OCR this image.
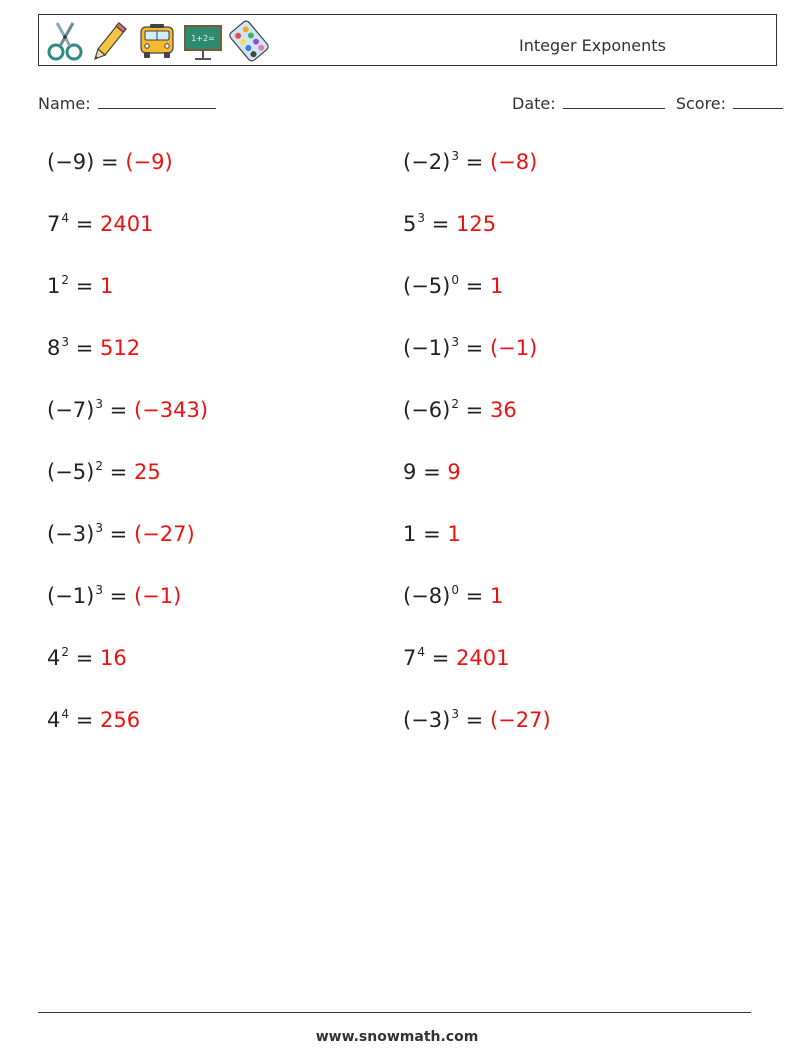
1+2=	Integer Exponents
Name:	Date:	Score:
(−9) = (−9)	$(-2)^3 = (-8)$
$7^4 = 2401$	$5^3 = 125$
$1^2 = 1$	$(-5)^0 = 1$
$8^3 = 512$	$(-1)^3 = (-1)$
$(-7)^3 = (-343)$	$(-6)^2 = 36$
$(-5)^2 = 25$	9 = 9
$(-3)^3 = (-27)$	1 = 1
$(-1)^3 = (-1)$	$(-8)^0 = 1$
$4^2 = 16$	$7^4 = 2401$
$4^4 = 256$	$(-3)^3 = (-27)$
www.snowmath.com
